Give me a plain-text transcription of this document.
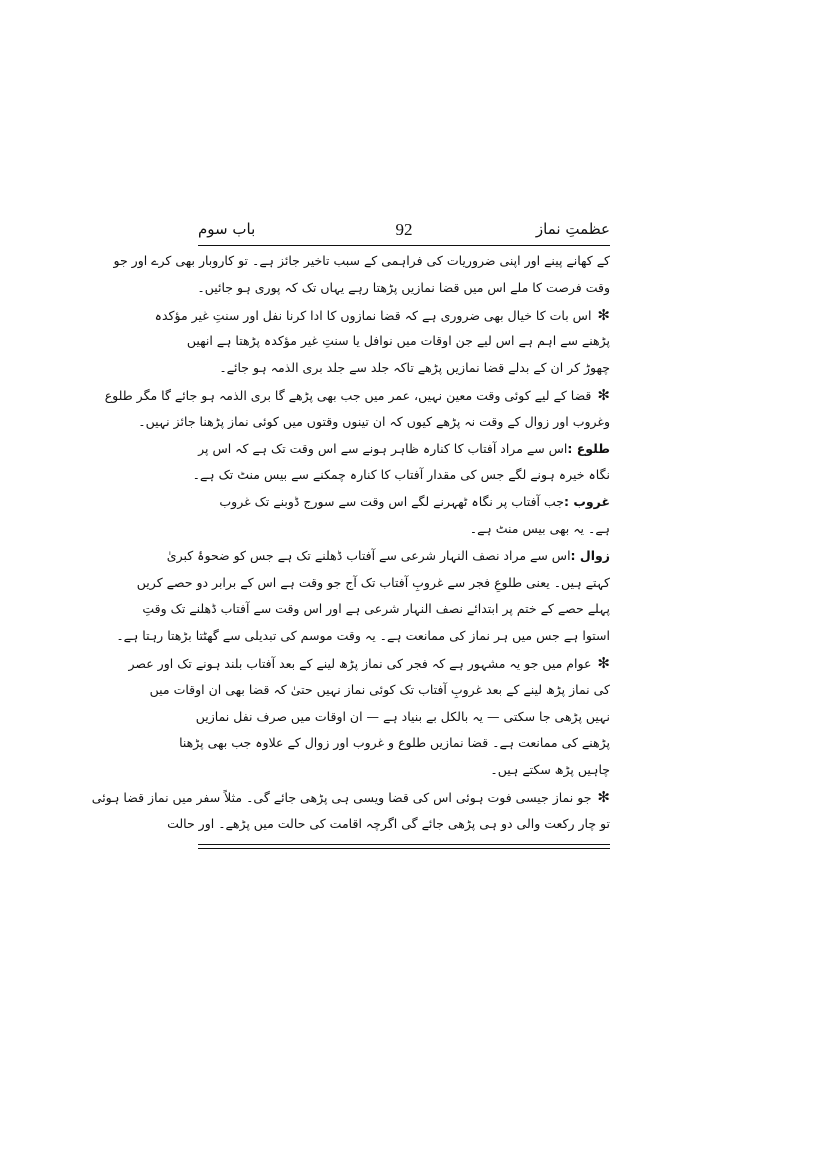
عظمتِ نماز
92
باب سوم
کے کھانے پینے اور اپنی ضروریات کی فراہمی کے سبب تاخیر جائز ہے۔ تو کاروبار بھی کرے اور جو
وقت فرصت کا ملے اس میں قضا نمازیں پڑھتا رہے یہاں تک کہ پوری ہو جائیں۔
✻اس بات کا خیال بھی ضروری ہے کہ قضا نمازوں کا ادا کرنا نفل اور سنتِ غیر مؤکدہ
پڑھنے سے اہم ہے اس لیے جن اوقات میں نوافل یا سنتِ غیر مؤکدہ پڑھتا ہے انھیں
چھوڑ کر ان کے بدلے قضا نمازیں پڑھے تاکہ جلد سے جلد بری الذمہ ہو جائے۔
✻قضا کے لیے کوئی وقت معین نہیں، عمر میں جب بھی پڑھے گا بری الذمہ ہو جائے گا مگر طلوع
وغروب اور زوال کے وقت نہ پڑھے کیوں کہ ان تینوں وقتوں میں کوئی نماز پڑھنا جائز نہیں۔
طلوع :اس سے مراد آفتاب کا کنارہ ظاہر ہونے سے اس وقت تک ہے کہ اس پر
نگاہ خیرہ ہونے لگے جس کی مقدار آفتاب کا کنارہ چمکنے سے بیس منٹ تک ہے۔
غروب :جب آفتاب پر نگاہ ٹھہرنے لگے اس وقت سے سورج ڈوبنے تک غروب
ہے۔ یہ بھی بیس منٹ ہے۔
زوال :اس سے مراد نصف النہار شرعی سے آفتاب ڈھلنے تک ہے جس کو ضحوۂ کبریٰ
کہتے ہیں۔ یعنی طلوعِ فجر سے غروبِ آفتاب تک آج جو وقت ہے اس کے برابر دو حصے کریں
پہلے حصے کے ختم پر ابتدائے نصف النہار شرعی ہے اور اس وقت سے آفتاب ڈھلنے تک وقتِ
استوا ہے جس میں ہر نماز کی ممانعت ہے۔ یہ وقت موسم کی تبدیلی سے گھٹتا بڑھتا رہتا ہے۔
✻عوام میں جو یہ مشہور ہے کہ فجر کی نماز پڑھ لینے کے بعد آفتاب بلند ہونے تک اور عصر
کی نماز پڑھ لینے کے بعد غروبِ آفتاب تک کوئی نماز نہیں حتیٰ کہ قضا بھی ان اوقات میں
نہیں پڑھی جا سکتی — یہ بالکل بے بنیاد ہے — ان اوقات میں صرف نفل نمازیں
پڑھنے کی ممانعت ہے۔ قضا نمازیں طلوع و غروب اور زوال کے علاوہ جب بھی پڑھنا
چاہیں پڑھ سکتے ہیں۔
✻جو نماز جیسی فوت ہوئی اس کی قضا ویسی ہی پڑھی جائے گی۔ مثلاً سفر میں نماز قضا ہوئی
تو چار رکعت والی دو ہی پڑھی جائے گی اگرچہ اقامت کی حالت میں پڑھے۔ اور حالت
